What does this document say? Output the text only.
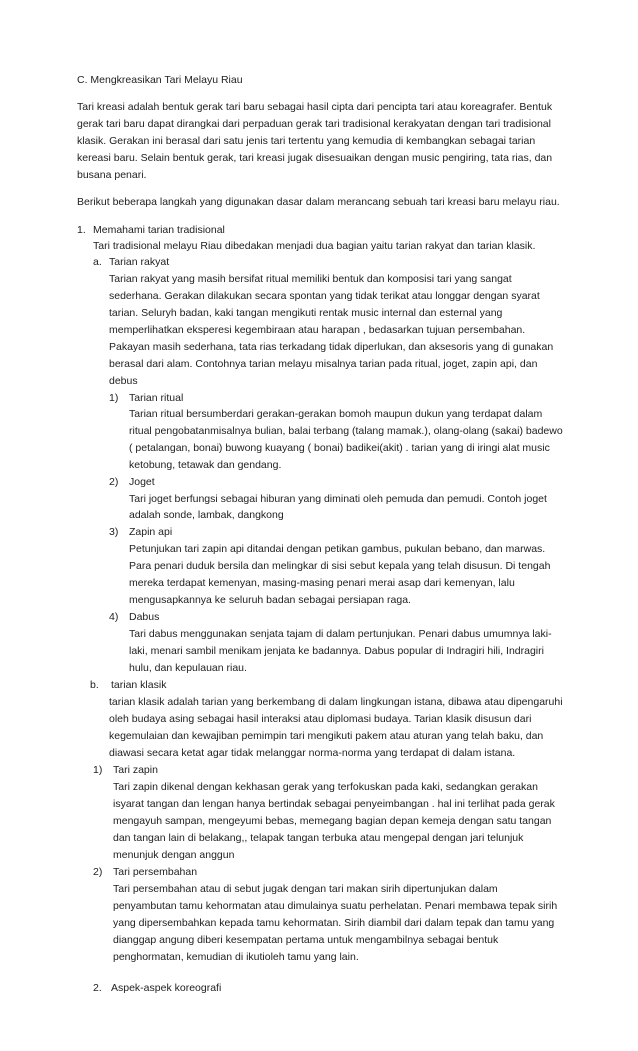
C. Mengkreasikan Tari Melayu Riau
Tari kreasi adalah bentuk gerak tari baru sebagai hasil cipta dari pencipta tari atau koreagrafer. Bentuk
gerak tari baru dapat dirangkai dari perpaduan gerak tari tradisional kerakyatan dengan tari tradisional
klasik. Gerakan ini berasal dari satu jenis tari tertentu yang kemudia di kembangkan sebagai tarian
kereasi baru. Selain bentuk gerak, tari kreasi jugak disesuaikan dengan music pengiring, tata rias, dan
busana penari.
Berikut beberapa langkah yang digunakan dasar dalam merancang sebuah tari kreasi baru melayu riau.
1. Memahami tarian tradisional
Tari tradisional melayu Riau dibedakan menjadi dua bagian yaitu tarian rakyat dan tarian klasik.
a. Tarian rakyat
Tarian rakyat yang masih bersifat ritual memiliki bentuk dan komposisi tari yang sangat
sederhana. Gerakan dilakukan secara spontan yang tidak terikat atau longgar dengan syarat
tarian. Seluryh badan, kaki tangan mengikuti rentak music internal dan esternal yang
memperlihatkan eksperesi kegembiraan atau harapan , bedasarkan tujuan persembahan.
Pakayan masih sederhana, tata rias terkadang tidak diperlukan, dan aksesoris yang di gunakan
berasal dari alam. Contohnya tarian melayu misalnya tarian pada ritual, joget, zapin api, dan
debus
1) Tarian ritual
Tarian ritual bersumberdari gerakan-gerakan bomoh maupun dukun yang terdapat dalam
ritual pengobatanmisalnya bulian, balai terbang (talang mamak.), olang-olang (sakai) badewo
( petalangan, bonai) buwong kuayang ( bonai) badikei(akit) . tarian yang di iringi alat music
ketobung, tetawak dan gendang.
2) Joget
Tari joget berfungsi sebagai hiburan yang diminati oleh pemuda dan pemudi. Contoh joget
adalah sonde, lambak, dangkong
3) Zapin api
Petunjukan tari zapin api ditandai dengan petikan gambus, pukulan bebano, dan marwas.
Para penari duduk bersila dan melingkar di sisi sebut kepala yang telah disusun. Di tengah
mereka terdapat kemenyan, masing-masing penari merai asap dari kemenyan, lalu
mengusapkannya ke seluruh badan sebagai persiapan raga.
4) Dabus
Tari dabus menggunakan senjata tajam di dalam pertunjukan. Penari dabus umumnya laki-
laki, menari sambil menikam jenjata ke badannya. Dabus popular di Indragiri hili, Indragiri
hulu, dan kepulauan riau.
b. tarian klasik
tarian klasik adalah tarian yang berkembang di dalam lingkungan istana, dibawa atau dipengaruhi
oleh budaya asing sebagai hasil interaksi atau diplomasi budaya. Tarian klasik disusun dari
kegemulaian dan kewajiban pemimpin tari mengikuti pakem atau aturan yang telah baku, dan
diawasi secara ketat agar tidak melanggar norma-norma yang terdapat di dalam istana.
1) Tari zapin
Tari zapin dikenal dengan kekhasan gerak yang terfokuskan pada kaki, sedangkan gerakan
isyarat tangan dan lengan hanya bertindak sebagai penyeimbangan . hal ini terlihat pada gerak
mengayuh sampan, mengeyumi bebas, memegang bagian depan kemeja dengan satu tangan
dan tangan lain di belakang,, telapak tangan terbuka atau mengepal dengan jari telunjuk
menunjuk dengan anggun
2) Tari persembahan
Tari persembahan atau di sebut jugak dengan tari makan sirih dipertunjukan dalam
penyambutan tamu kehormatan atau dimulainya suatu perhelatan. Penari membawa tepak sirih
yang dipersembahkan kepada tamu kehormatan. Sirih diambil dari dalam tepak dan tamu yang
dianggap angung diberi kesempatan pertama untuk mengambilnya sebagai bentuk
penghormatan, kemudian di ikutioleh tamu yang lain.
2. Aspek-aspek koreografi
